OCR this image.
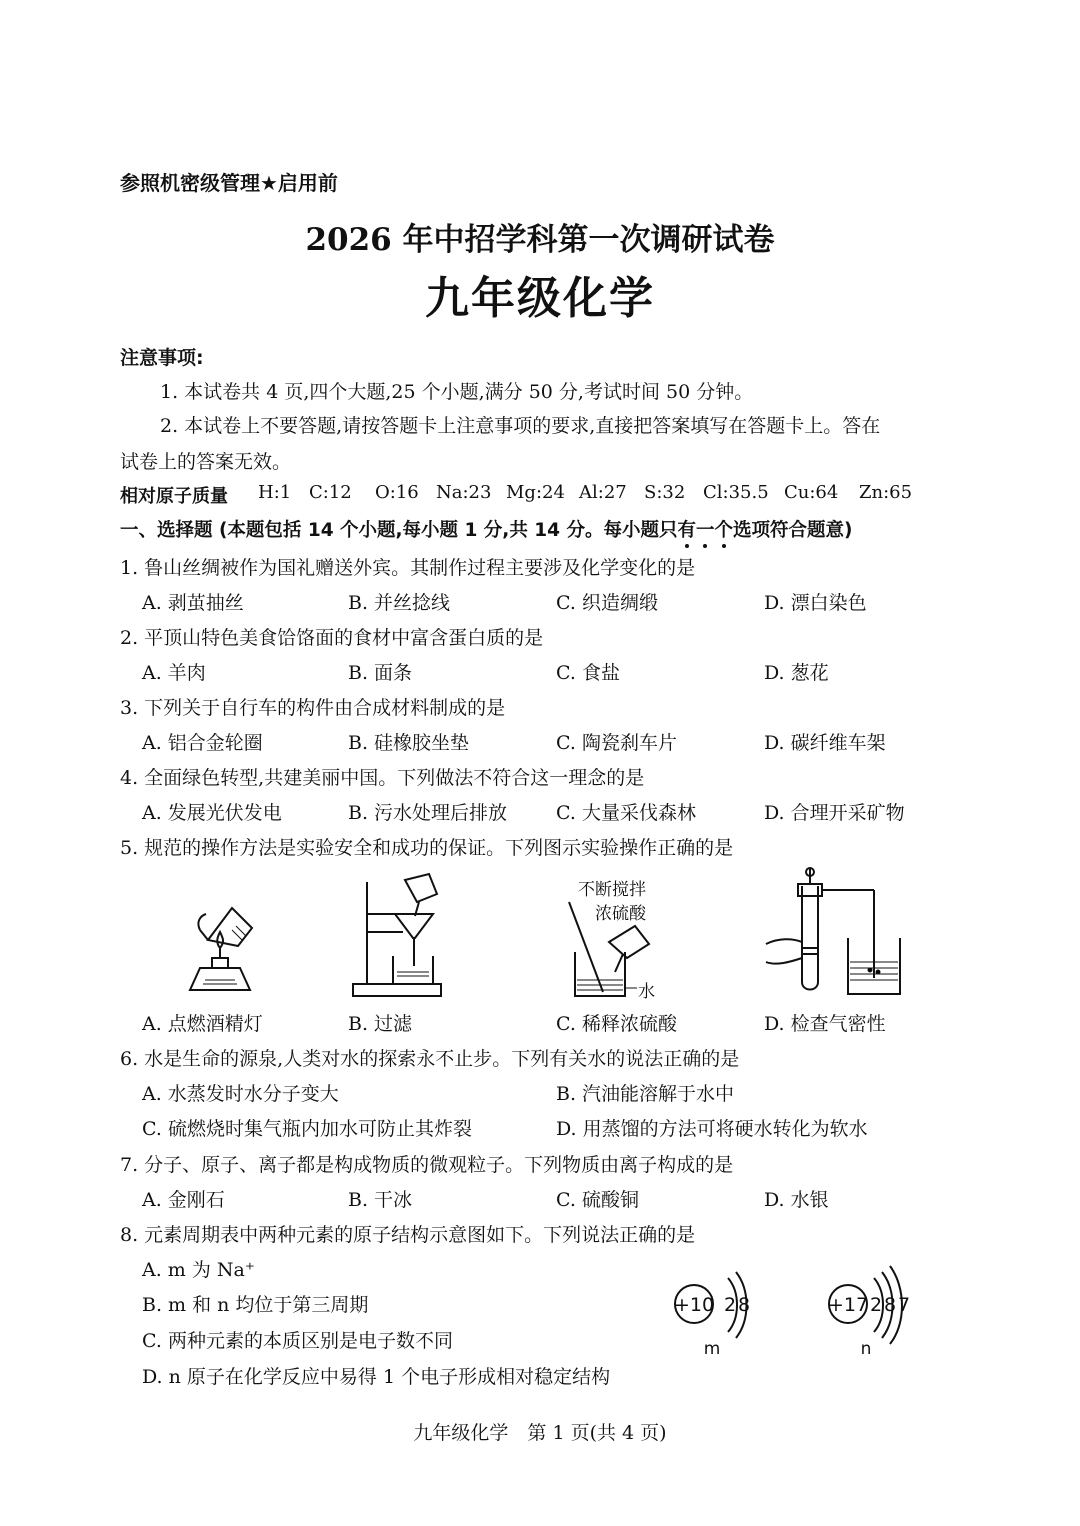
参照机密级管理★启用前
2026 年中招学科第一次调研试卷
九年级化学
注意事项:
1. 本试卷共 4 页,四个大题,25 个小题,满分 50 分,考试时间 50 分钟。
2. 本试卷上不要答题,请按答题卡上注意事项的要求,直接把答案填写在答题卡上。答在
试卷上的答案无效。
相对原子质量 H:1 C:12 O:16 Na:23 Mg:24 Al:27 S:32 Cl:35.5 Cu:64 Zn:65
一、选择题 (本题包括 14 个小题,每小题 1 分,共 14 分。每小题只有一个选项符合题意)
1. 鲁山丝绸被作为国礼赠送外宾。其制作过程主要涉及化学变化的是
A. 剥茧抽丝	B. 并丝捻线	C. 织造绸缎	D. 漂白染色
2. 平顶山特色美食饸饹面的食材中富含蛋白质的是
A. 羊肉	B. 面条	C. 食盐	D. 葱花
3. 下列关于自行车的构件由合成材料制成的是
A. 铝合金轮圈	B. 硅橡胶坐垫	C. 陶瓷刹车片	D. 碳纤维车架
4. 全面绿色转型,共建美丽中国。下列做法不符合这一理念的是
A. 发展光伏发电	B. 污水处理后排放	C. 大量采伐森林	D. 合理开采矿物
5. 规范的操作方法是实验安全和成功的保证。下列图示实验操作正确的是
不断搅拌
浓硫酸
水
A. 点燃酒精灯	B. 过滤	C. 稀释浓硫酸	D. 检查气密性
6. 水是生命的源泉,人类对水的探索永不止步。下列有关水的说法正确的是
A. 水蒸发时水分子变大	B. 汽油能溶解于水中
C. 硫燃烧时集气瓶内加水可防止其炸裂	D. 用蒸馏的方法可将硬水转化为软水
7. 分子、原子、离子都是构成物质的微观粒子。下列物质由离子构成的是
A. 金刚石	B. 干冰	C. 硫酸铜	D. 水银
8. 元素周期表中两种元素的原子结构示意图如下。下列说法正确的是
A. m 为 Na⁺
B. m 和 n 均位于第三周期
C. 两种元素的本质区别是电子数不同
D. n 原子在化学反应中易得 1 个电子形成相对稳定结构
+10 2 8
m
+17 2 8 7
n
九年级化学　第 1 页(共 4 页)
